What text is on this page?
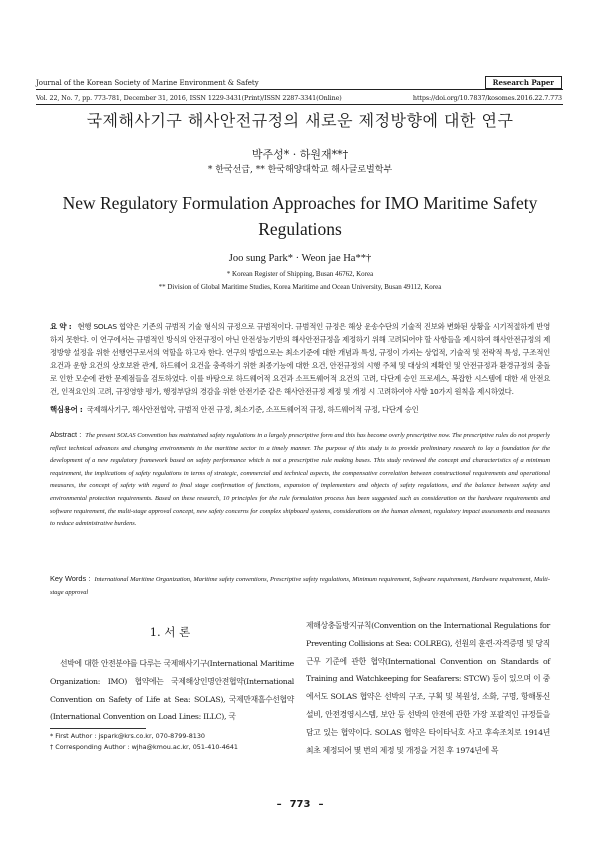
Journal of the Korean Society of Marine Environment & Safety	Research Paper
Vol. 22, No. 7, pp. 773-781, December 31, 2016, ISSN 1229-3431(Print)/ISSN 2287-3341(Online)	https://doi.org/10.7837/kosomes.2016.22.7.773
국제해사기구 해사안전규정의 새로운 제정방향에 대한 연구
박주성* · 하원재**†
* 한국선급, ** 한국해양대학교 해사글로벌학부
New Regulatory Formulation Approaches for IMO Maritime Safety Regulations
Joo sung Park* · Weon jae Ha**†
* Korean Register of Shipping, Busan 46762, Korea
** Division of Global Maritime Studies, Korea Maritime and Ocean University, Busan 49112, Korea
요 약 : 현행 SOLAS 협약은 기존의 규범적 기술 형식의 규정으로 규범적이다. 규범적인 규정은 해상 운송수단의 기술적 진보와 변화된 상황을 시기적절하게 반영하지 못한다. 이 연구에서는 규범적인 방식의 안전규정이 아닌 안전성능기반의 해사안전규정을 제정하기 위해 고려되어야 할 사항들을 제시하여 해사안전규정의 제정방향 설정을 위한 선행연구로서의 역할을 하고자 한다. 연구의 방법으로는 최소기준에 대한 개념과 특성, 규정이 가져는 상업적, 기술적 및 전략적 특성, 구조적인 요건과 운항 요건의 상호보완 관계, 하드웨어 요건을 충족하기 위한 최종기능에 대한 요건, 안전규정의 시행 주체 및 대상의 제확인 및 안전규정과 환경규정의 충돌로 인한 모순에 관한 문제점들을 검토하였다. 이를 바탕으로 하드웨어적 요건과 소프트웨어적 요건의 고려, 다단계 승인 프로세스, 복잡한 시스템에 대한 새 안전요건, 인적요인의 고려, 규정영향 평가, 행정부담의 경감을 위한 안전기준 같은 해사안전규정 제정 및 개정 시 고려하여야 사항 10가지 원칙을 제시하였다.
핵심용어 : 국제해사기구, 해사안전협약, 규범적 안전 규정, 최소기준, 소프트웨어적 규정, 하드웨어적 규정, 다단계 승인
Abstract : The present SOLAS Convention has maintained safety regulations in a largely prescriptive form and this has become overly prescriptive now. The prescriptive rules do not properly reflect technical advances and changing environments in the maritime sector in a timely manner. The purpose of this study is to provide preliminary research to lay a foundation for the development of a new regulatory framework based on safety performance which is not a prescriptive rule making bases. This study reviewed the concept and characteristics of a minimum requirement, the implications of safety regulations in terms of strategic, commercial and technical aspects, the compensative correlation between constructional requirements and operational measures, the concept of safety with regard to final stage confirmation of functions, expansion of implementers and objects of safety regulations, and the balance between safety and environmental protection requirements. Based on these research, 10 principles for the rule formulation process has been suggested such as consideration on the hardware requirements and software requirement, the multi-stage approval concept, new safety concerns for complex shipboard systems, considerations on the human element, regulatory impact assessments and measures to reduce administrative burdens.
Key Words : International Maritime Organization, Maritime safety conventions, Prescriptive safety regulations, Minimum requirement, Software requirement, Hardware requirement, Multi-stage approval
1. 서 론
선박에 대한 안전분야를 다루는 국제해사기구(International Maritime Organization: IMO) 협약에는 국제해상인명안전협약(International Convention on Safety of Life at Sea: SOLAS), 국제만재흘수선협약(International Convention on Load Lines: ILLC), 국
제해상충돌방지규칙(Convention on the International Regulations for Preventing Collisions at Sea: COLREG), 선원의 훈련·자격증명 및 당직근무 기준에 관한 협약(International Convention on Standards of Training and Watchkeeping for Seafarers: STCW) 등이 있으며 이 중에서도 SOLAS 협약은 선박의 구조, 구획 및 복원성, 소화, 구명, 항해통신 설비, 안전경영시스템, 보안 등 선박의 안전에 관한 가장 포괄적인 규정들을 담고 있는 협약이다. SOLAS 협약은 타이타닉호 사고 후속조치로 1914년 최초 제정되어 몇 번의 제정 및 개정을 거친 후 1974년에 목
* First Author : jspark@krs.co.kr, 070-8799-8130
† Corresponding Author : wjha@kmou.ac.kr, 051-410-4641
– 773 –
